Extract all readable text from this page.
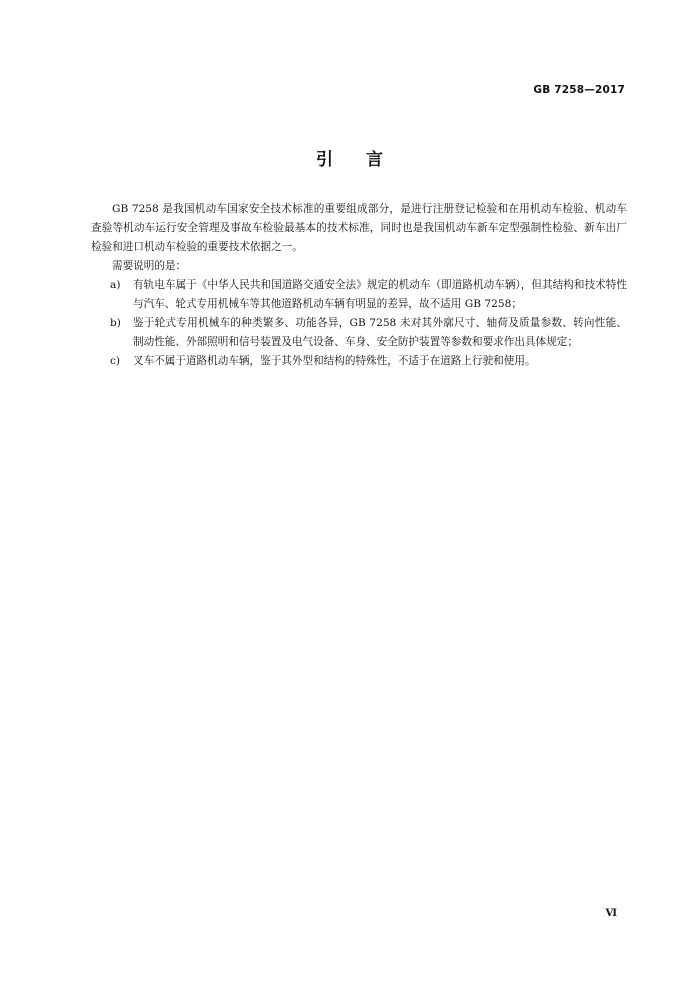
GB 7258—2017
引 言

GB 7258 是我国机动车国家安全技术标准的重要组成部分，是进行注册登记检验和在用机动车检验、机动车查验等机动车运行安全管理及事故车检验最基本的技术标准，同时也是我国机动车新车定型强制性检验、新车出厂检验和进口机动车检验的重要技术依据之一。

需要说明的是：

a) 有轨电车属于《中华人民共和国道路交通安全法》规定的机动车（即道路机动车辆），但其结构和技术特性与汽车、轮式专用机械车等其他道路机动车辆有明显的差异，故不适用 GB 7258；

b) 鉴于轮式专用机械车的种类繁多、功能各异，GB 7258 未对其外廓尺寸、轴荷及质量参数、转向性能、制动性能、外部照明和信号装置及电气设备、车身、安全防护装置等参数和要求作出具体规定；

c) 叉车不属于道路机动车辆，鉴于其外型和结构的特殊性，不适于在道路上行驶和使用。

Ⅵ
